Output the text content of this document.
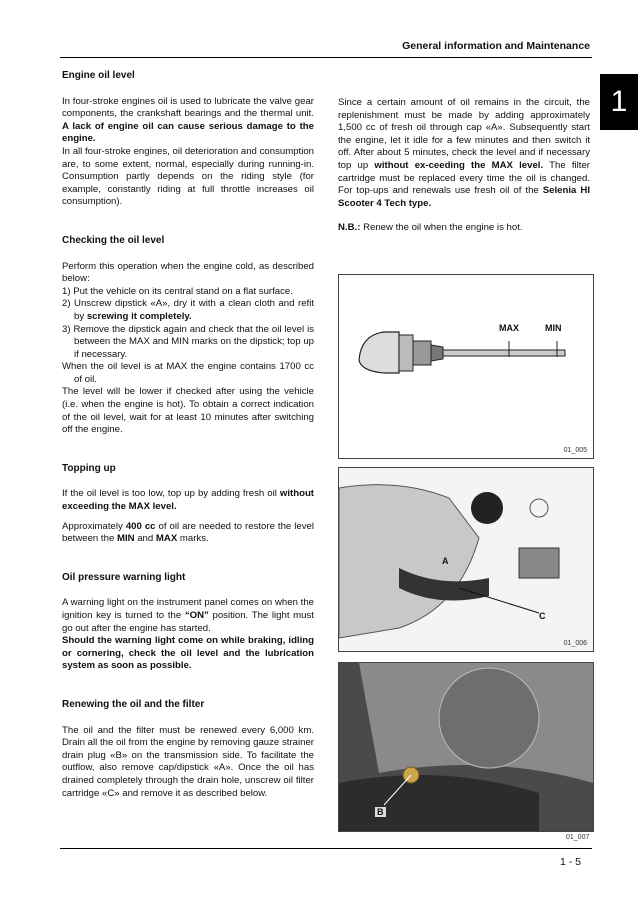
General information and Maintenance
1
Engine oil level

In four-stroke engines oil is used to lubricate the valve gear components, the crankshaft bearings and the thermal unit. A lack of engine oil can cause serious damage to the engine.

In all four-stroke engines, oil deterioration and consumption are, to some extent, normal, especially during running-in. Consumption partly depends on the riding style (for example, constantly riding at full throttle increases oil consumption).

Checking the oil level

Perform this operation when the engine cold, as described below:

1) Put the vehicle on its central stand on a flat surface.
2) Unscrew dipstick «A», dry it with a clean cloth and refit by screwing it completely.
3) Remove the dipstick again and check that the oil level is between the MAX and MIN marks on the dipstick; top up if necessary.
When the oil level is at MAX the engine contains 1700 cc of oil.

The level will be lower if checked after using the vehicle (i.e. when the engine is hot). To obtain a correct indication of the oil level, wait for at least 10 minutes after switching off the engine.

Topping up

If the oil level is too low, top up by adding fresh oil without exceeding the MAX level.

Approximately 400 cc of oil are needed to restore the level between the MIN and MAX marks.

Oil pressure warning light

A warning light on the instrument panel comes on when the ignition key is turned to the “ON” position. The light must go out after the engine has started.

Should the warning light come on while braking, idling or cornering, check the oil level and the lubrication system as soon as possible.

Renewing the oil and the filter

The oil and the filter must be renewed every 6,000 km. Drain all the oil from the engine by removing gauze strainer drain plug «B» on the transmission side. To facilitate the outflow, also remove cap/dipstick «A». Once the oil has drained completely through the drain hole, unscrew oil filter cartridge «C» and remove it as described below.

Since a certain amount of oil remains in the circuit, the replenishment must be made by adding approximately 1,500 cc of fresh oil through cap «A». Subsequently start the engine, let it idle for a few minutes and then switch it off. After about 5 minutes, check the level and if necessary top up without ex-ceeding the MAX level. The filter cartridge must be replaced every time the oil is changed. For top-ups and renewals use fresh oil of the Selenia HI Scooter 4 Tech type.

N.B.: Renew the oil when the engine is hot.

MAX	MIN
01_005
A
C
01_006
B
01_007
1 - 5
